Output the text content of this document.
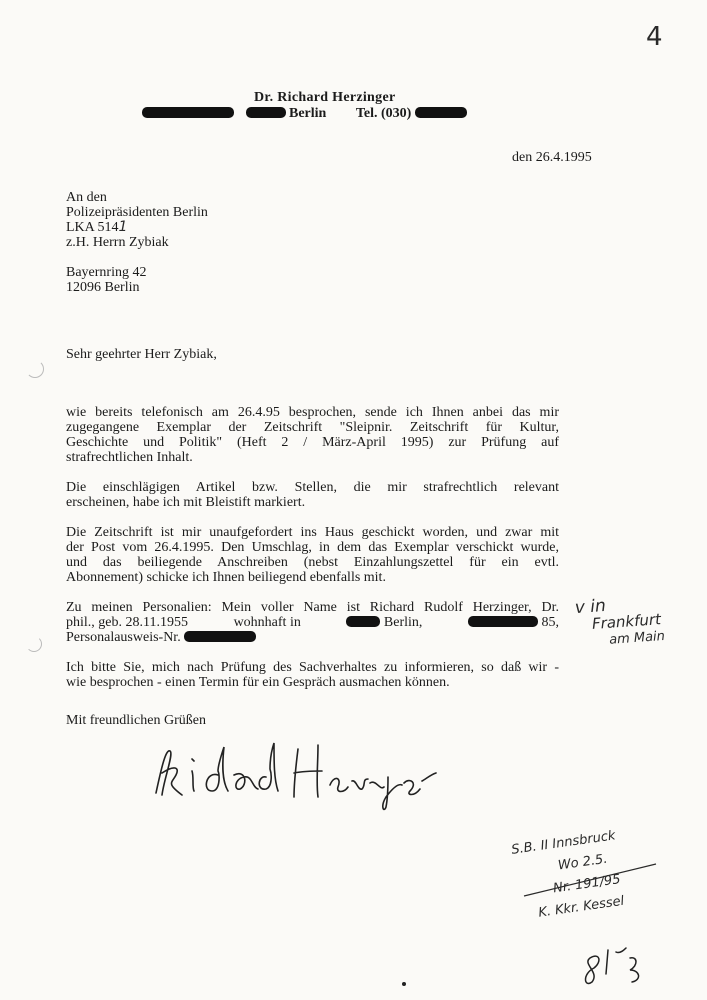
4
Dr. Richard Herzinger
Berlin Tel. (030)
den 26.4.1995
An den
Polizeipräsidenten Berlin
LKA 5141
z.H. Herrn Zybiak
Bayernring 42
12096 Berlin
Sehr geehrter Herr Zybiak,
wie bereits telefonisch am 26.4.95 besprochen, sende ich Ihnen anbei das mir
zugegangene Exemplar der Zeitschrift "Sleipnir. Zeitschrift für Kultur,
Geschichte und Politik" (Heft 2 / März-April 1995) zur Prüfung auf
strafrechtlichen Inhalt.
Die einschlägigen Artikel bzw. Stellen, die mir strafrechtlich relevant
erscheinen, habe ich mit Bleistift markiert.
Die Zeitschrift ist mir unaufgefordert ins Haus geschickt worden, und zwar mit
der Post vom 26.4.1995. Den Umschlag, in dem das Exemplar verschickt wurde,
und das beiliegende Anschreiben (nebst Einzahlungszettel für ein evtl.
Abonnement) schicke ich Ihnen beiliegend ebenfalls mit.
Zu meinen Personalien: Mein voller Name ist Richard Rudolf Herzinger, Dr.
phil., geb. 28.11.1955	wohnhaft in	Berlin,	85,
Personalausweis-Nr.
Ich bitte Sie, mich nach Prüfung des Sachverhaltes zu informieren, so daß wir -
wie besprochen - einen Termin für ein Gespräch ausmachen können.
Mit freundlichen Grüßen
v in
Frankfurt
am Main
S.B. II Innsbruck
Wo 2.5.
Nr. 191/95
K. Kkr. Kessel
